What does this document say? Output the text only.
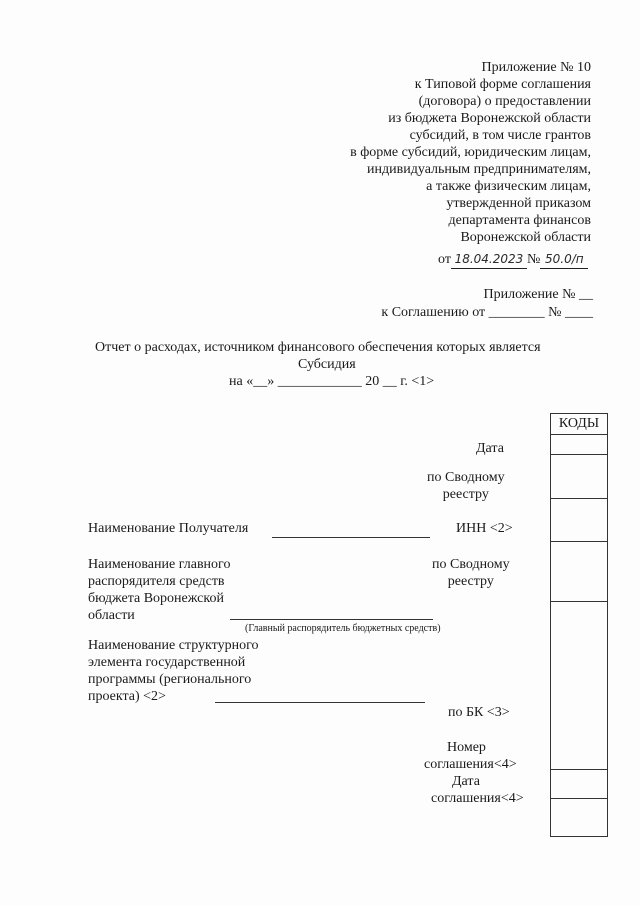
Приложение № 10
к Типовой форме соглашения
(договора) о предоставлении
из бюджета Воронежской области
субсидий, в том числе грантов
в форме субсидий, юридическим лицам,
индивидуальным предпринимателям,
а также физическим лицам,
утвержденной приказом
департамента финансов
Воронежской области
от 18.04.2023 № 50.0/п
Приложение № __
к Соглашению от ________ № ____
Отчет о расходах, источником финансового обеспечения которых является
Субсидия
на «__» ____________ 20 __ г. <1>
КОДЫ
Дата
по Сводному
реестру
Наименование Получателя	ИНН <2>
Наименование главного
распорядителя средств
бюджета Воронежской
области
по Сводному
реестру
(Главный распорядитель бюджетных средств)
Наименование структурного
элемента государственной
программы (регионального
проекта) <2>
по БК <3>
Номер
соглашения<4>
Дата
соглашения<4>
